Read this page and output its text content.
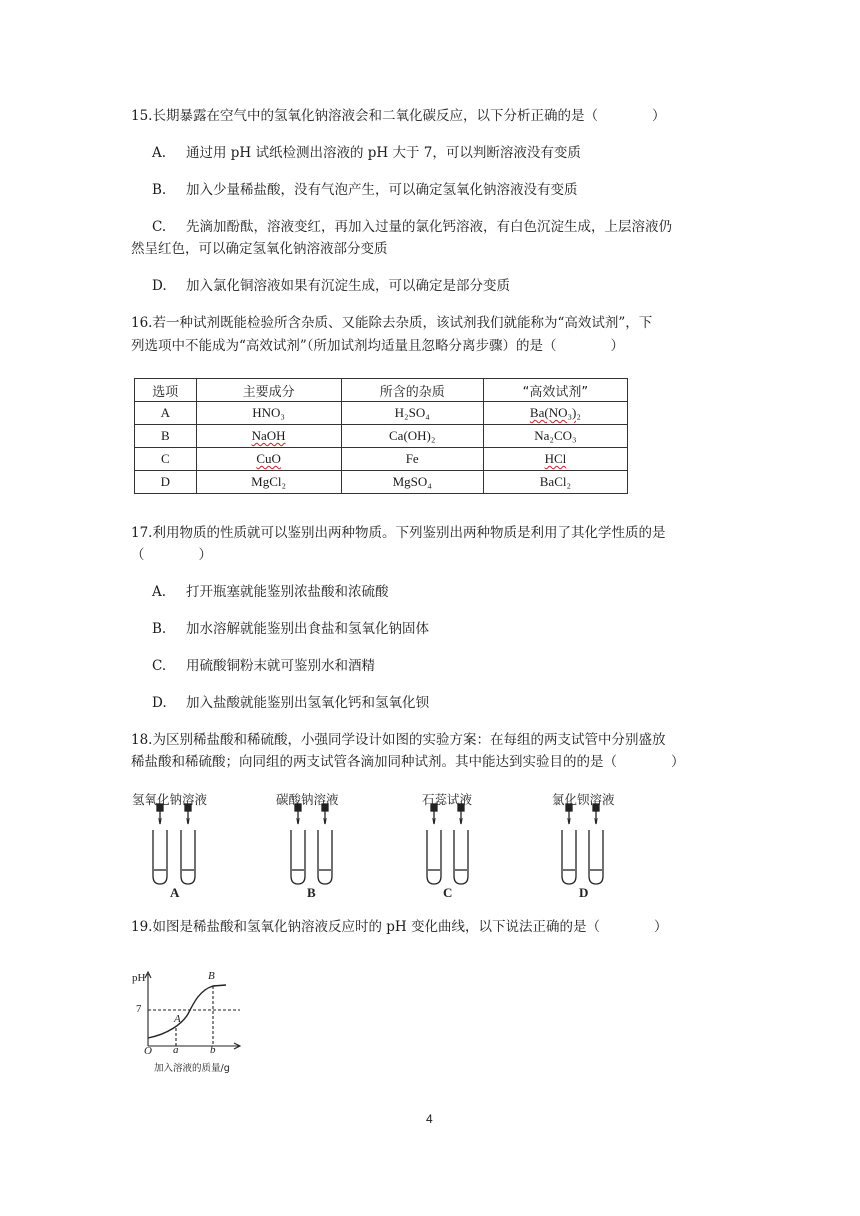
15.长期暴露在空气中的氢氧化钠溶液会和二氧化碳反应，以下分析正确的是（　　　　）
A. 通过用 pH 试纸检测出溶液的 pH 大于 7，可以判断溶液没有变质
B. 加入少量稀盐酸，没有气泡产生，可以确定氢氧化钠溶液没有变质
C. 先滴加酚酞，溶液变红，再加入过量的氯化钙溶液，有白色沉淀生成，上层溶液仍
然呈红色，可以确定氢氧化钠溶液部分变质
D. 加入氯化铜溶液如果有沉淀生成，可以确定是部分变质
16.若一种试剂既能检验所含杂质、又能除去杂质，该试剂我们就能称为“高效试剂”，下
列选项中不能成为“高效试剂”（所加试剂均适量且忽略分离步骤）的是（　　　　）
选项	主要成分	所含的杂质	“高效试剂”
A	HNO₃	H₂SO₄	Ba(NO₃)₂
B	NaOH	Ca(OH)₂	Na₂CO₃
C	CuO	Fe	HCl
D	MgCl₂	MgSO₄	BaCl₂
17.利用物质的性质就可以鉴别出两种物质。下列鉴别出两种物质是利用了其化学性质的是
（　　　　）
A. 打开瓶塞就能鉴别浓盐酸和浓硫酸
B. 加水溶解就能鉴别出食盐和氢氧化钠固体
C. 用硫酸铜粉末就可鉴别水和酒精
D. 加入盐酸就能鉴别出氢氧化钙和氢氧化钡
18.为区别稀盐酸和稀硫酸，小强同学设计如图的实验方案：在每组的两支试管中分别盛放
稀盐酸和稀硫酸；向同组的两支试管各滴加同种试剂。其中能达到实验目的的是（　　　　）
氢氧化钠溶液	碳酸钠溶液	石蕊试液	氯化钡溶液
A	B	C	D
19.如图是稀盐酸和氢氧化钠溶液反应时的 pH 变化曲线，以下说法正确的是（　　　　）
pH
7
O a	b
A
B
加入溶液的质量/g
4
